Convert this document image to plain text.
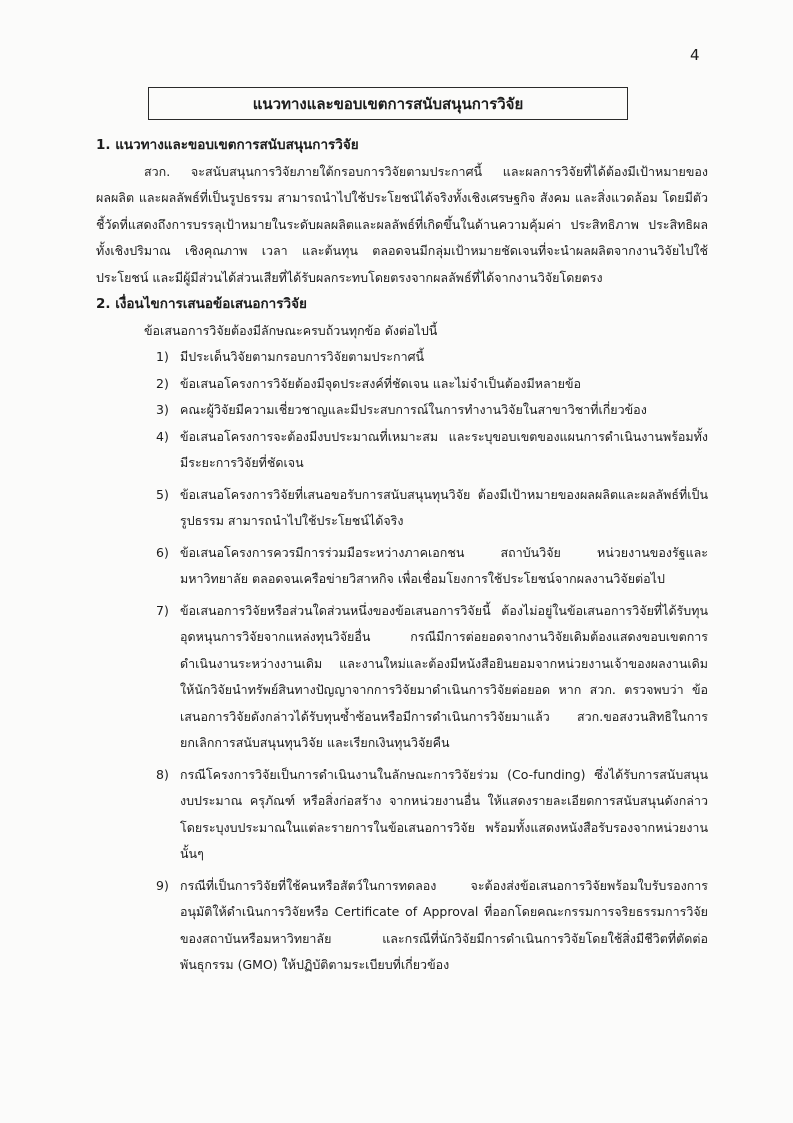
4
แนวทางและขอบเขตการสนับสนุนการวิจัย

1. แนวทางและขอบเขตการสนับสนุนการวิจัย

สวก. จะสนับสนุนการวิจัยภายใต้กรอบการวิจัยตามประกาศนี้ และผลการวิจัยที่ได้ต้องมีเป้าหมายของผลผลิต และผลลัพธ์ที่เป็นรูปธรรม สามารถนำไปใช้ประโยชน์ได้จริงทั้งเชิงเศรษฐกิจ สังคม และสิ่งแวดล้อม โดยมีตัวชี้วัดที่แสดงถึงการบรรลุเป้าหมายในระดับผลผลิตและผลลัพธ์ที่เกิดขึ้นในด้านความคุ้มค่า ประสิทธิภาพ ประสิทธิผล ทั้งเชิงปริมาณ เชิงคุณภาพ เวลา และต้นทุน ตลอดจนมีกลุ่มเป้าหมายชัดเจนที่จะนำผลผลิตจากงานวิจัยไปใช้ประโยชน์ และมีผู้มีส่วนได้ส่วนเสียที่ได้รับผลกระทบโดยตรงจากผลลัพธ์ที่ได้จากงานวิจัยโดยตรง

2. เงื่อนไขการเสนอข้อเสนอการวิจัย

ข้อเสนอการวิจัยต้องมีลักษณะครบถ้วนทุกข้อ ดังต่อไปนี้

1) มีประเด็นวิจัยตามกรอบการวิจัยตามประกาศนี้
2) ข้อเสนอโครงการวิจัยต้องมีจุดประสงค์ที่ชัดเจน และไม่จำเป็นต้องมีหลายข้อ
3) คณะผู้วิจัยมีความเชี่ยวชาญและมีประสบการณ์ในการทำงานวิจัยในสาขาวิชาที่เกี่ยวข้อง
4) ข้อเสนอโครงการจะต้องมีงบประมาณที่เหมาะสม และระบุขอบเขตของแผนการดำเนินงานพร้อมทั้งมีระยะการวิจัยที่ชัดเจน
5) ข้อเสนอโครงการวิจัยที่เสนอขอรับการสนับสนุนทุนวิจัย ต้องมีเป้าหมายของผลผลิตและผลลัพธ์ที่เป็นรูปธรรม สามารถนำไปใช้ประโยชน์ได้จริง
6) ข้อเสนอโครงการควรมีการร่วมมือระหว่างภาคเอกชน สถาบันวิจัย หน่วยงานของรัฐและมหาวิทยาลัย ตลอดจนเครือข่ายวิสาหกิจ เพื่อเชื่อมโยงการใช้ประโยชน์จากผลงานวิจัยต่อไป
7) ข้อเสนอการวิจัยหรือส่วนใดส่วนหนึ่งของข้อเสนอการวิจัยนี้ ต้องไม่อยู่ในข้อเสนอการวิจัยที่ได้รับทุนอุดหนุนการวิจัยจากแหล่งทุนวิจัยอื่น กรณีมีการต่อยอดจากงานวิจัยเดิมต้องแสดงขอบเขตการดำเนินงานระหว่างงานเดิม และงานใหม่และต้องมีหนังสือยินยอมจากหน่วยงานเจ้าของผลงานเดิมให้นักวิจัยนำทรัพย์สินทางปัญญาจากการวิจัยมาดำเนินการวิจัยต่อยอด หาก สวก. ตรวจพบว่า ข้อเสนอการวิจัยดังกล่าวได้รับทุนซ้ำซ้อนหรือมีการดำเนินการวิจัยมาแล้ว สวก.ขอสงวนสิทธิในการยกเลิกการสนับสนุนทุนวิจัย และเรียกเงินทุนวิจัยคืน
8) กรณีโครงการวิจัยเป็นการดำเนินงานในลักษณะการวิจัยร่วม (Co-funding) ซึ่งได้รับการสนับสนุนงบประมาณ ครุภัณฑ์ หรือสิ่งก่อสร้าง จากหน่วยงานอื่น ให้แสดงรายละเอียดการสนับสนุนดังกล่าวโดยระบุงบประมาณในแต่ละรายการในข้อเสนอการวิจัย พร้อมทั้งแสดงหนังสือรับรองจากหน่วยงานนั้นๆ
9) กรณีที่เป็นการวิจัยที่ใช้คนหรือสัตว์ในการทดลอง จะต้องส่งข้อเสนอการวิจัยพร้อมใบรับรองการอนุมัติให้ดำเนินการวิจัยหรือ Certificate of Approval ที่ออกโดยคณะกรรมการจริยธรรมการวิจัย ของสถาบันหรือมหาวิทยาลัย และกรณีที่นักวิจัยมีการดำเนินการวิจัยโดยใช้สิ่งมีชีวิตที่ตัดต่อพันธุกรรม (GMO) ให้ปฏิบัติตามระเบียบที่เกี่ยวข้อง
